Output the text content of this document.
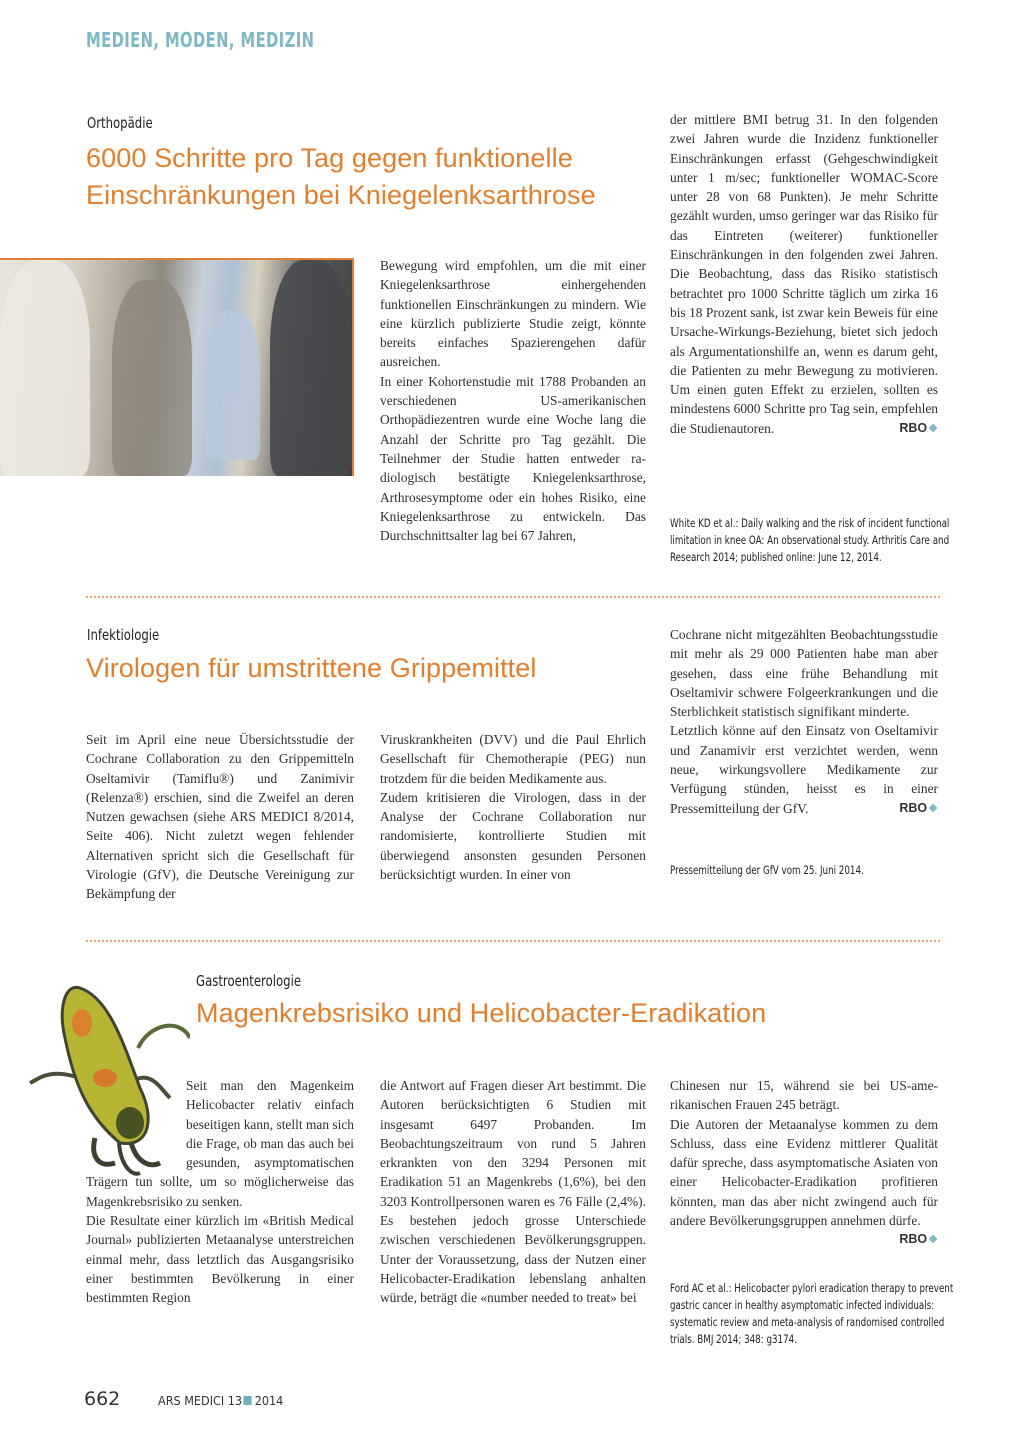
MEDIEN, MODEN, MEDIZIN
Orthopädie
6000 Schritte pro Tag gegen funktionelle
Einschränkungen bei Kniegelenksarthrose

Bewegung wird empfohlen, um die mit einer Kniegelenksarthrose einhergehenden funktionellen Einschränkungen zu mindern. Wie eine kürzlich publizierte Studie zeigt, könnte bereits einfaches Spazierengehen dafür ausreichen.

In einer Kohortenstudie mit 1788 Probanden an verschiedenen US-amerikanischen Orthopädiezentren wurde eine Woche lang die Anzahl der Schritte pro Tag gezählt. Die Teilnehmer der Studie hatten entweder radiologisch bestätigte Kniegelenksarthrose, Arthrosesymptome oder ein hohes Risiko, eine Kniegelenksarthrose zu entwickeln. Das Durchschnittsalter lag bei 67 Jahren,

der mittlere BMI betrug 31. In den folgenden zwei Jahren wurde die Inzidenz funktioneller Einschränkungen erfasst (Gehgeschwindigkeit unter 1 m/sec; funktioneller WOMAC-Score unter 28 von 68 Punkten). Je mehr Schritte gezählt wurden, umso geringer war das Risiko für das Eintreten (weiterer) funktioneller Einschränkungen in den folgenden zwei Jahren. Die Beobachtung, dass das Risiko statistisch betrachtet pro 1000 Schritte täglich um zirka 16 bis 18 Prozent sank, ist zwar kein Beweis für eine Ursache-Wirkungs-Beziehung, bietet sich jedoch als Argumentationshilfe an, wenn es darum geht, die Patienten zu mehr Bewegung zu motivieren. Um einen guten Effekt zu erzielen, sollten es mindestens 6000 Schritte pro Tag sein, empfehlen die Studienautoren.	RBO❖

White KD et al.: Daily walking and the risk of incident functional limitation in knee OA: An observational study. Arthritis Care and Research 2014; published online: June 12, 2014.
Infektiologie
Virologen für umstrittene Grippemittel

Seit im April eine neue Übersichtsstudie der Cochrane Collaboration zu den Grippemitteln Oseltamivir (Tamiflu®) und Zanimivir (Relenza®) erschien, sind die Zweifel an deren Nutzen gewachsen (siehe ARS MEDICI 8/2014, Seite 406). Nicht zuletzt wegen fehlender Alternativen spricht sich die Gesellschaft für Virologie (GfV), die Deutsche Vereinigung zur Bekämpfung der

Viruskrankheiten (DVV) und die Paul Ehrlich Gesellschaft für Chemotherapie (PEG) nun trotzdem für die beiden Medikamente aus.

Zudem kritisieren die Virologen, dass in der Analyse der Cochrane Collaboration nur randomisierte, kontrollierte Studien mit überwiegend ansonsten gesunden Personen berücksichtigt wurden. In einer von

Cochrane nicht mitgezählten Beobachtungsstudie mit mehr als 29 000 Patienten habe man aber gesehen, dass eine frühe Behandlung mit Oseltamivir schwere Folgeerkrankungen und die Sterblichkeit statistisch signifikant minderte.

Letztlich könne auf den Einsatz von Oseltamivir und Zanamivir erst verzichtet werden, wenn neue, wirkungsvollere Medikamente zur Verfügung stünden, heisst es in einer Pressemitteilung der GfV.	RBO❖

Pressemitteilung der GfV vom 25. Juni 2014.
Gastroenterologie
Magenkrebsrisiko und Helicobacter-Eradikation

Seit man den Magenkeim Helicobacter relativ einfach beseitigen kann, stellt man sich die Frage, ob man das auch bei gesunden, asymptomatischen Trägern tun sollte, um so möglicherweise das Magenkrebsrisiko zu senken.

Die Resultate einer kürzlich im «British Medical Journal» publizierten Metaanalyse unterstreichen einmal mehr, dass letztlich das Ausgangsrisiko einer bestimmten Bevölkerung in einer bestimmten Region

die Antwort auf Fragen dieser Art bestimmt. Die Autoren berücksichtigten 6 Studien mit insgesamt 6497 Probanden. Im Beobachtungszeitraum von rund 5 Jahren erkrankten von den 3294 Personen mit Eradikation 51 an Magenkrebs (1,6%), bei den 3203 Kontrollpersonen waren es 76 Fälle (2,4%). Es bestehen jedoch grosse Unterschiede zwischen verschiedenen Bevölkerungsgruppen. Unter der Voraussetzung, dass der Nutzen einer Helicobacter-Eradikation lebenslang anhalten würde, beträgt die «number needed to treat» bei

Chinesen nur 15, während sie bei US-amerikanischen Frauen 245 beträgt.

Die Autoren der Metaanalyse kommen zu dem Schluss, dass eine Evidenz mittlerer Qualität dafür spreche, dass asymptomatische Asiaten von einer Helicobacter-Eradikation profitieren könnten, man das aber nicht zwingend auch für andere Bevölkerungsgruppen annehmen dürfe.
RBO❖

Ford AC et al.: Helicobacter pylori eradication therapy to prevent gastric cancer in healthy asymptomatic infected individuals: systematic review and meta-analysis of randomised controlled trials. BMJ 2014; 348: g3174.
662	ARS MEDICI 13 2014
